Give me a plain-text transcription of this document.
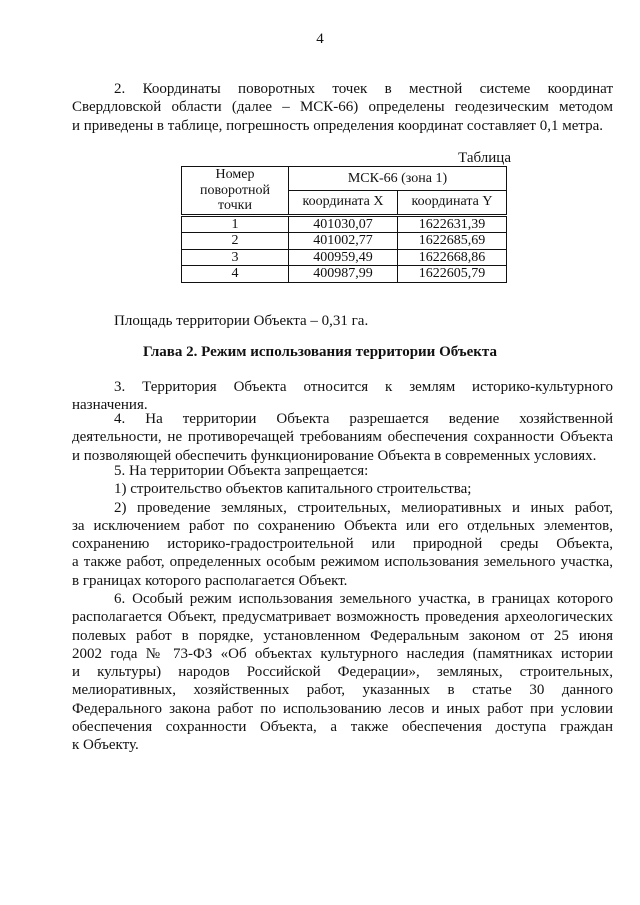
4
2. Координаты поворотных точек в местной системе координат
Свердловской области (далее – МСК-66) определены геодезическим методом
и приведены в таблице, погрешность определения координат составляет 0,1 метра.
Таблица
Номер поворотной точки	МСК-66 (зона 1)	
	координата X	координата Y
1	401030,07	1622631,39
2	401002,77	1622685,69
3	400959,49	1622668,86
4	400987,99	1622605,79
Площадь территории Объекта – 0,31 га.
Глава 2. Режим использования территории Объекта
3. Территория Объекта относится к землям историко-культурного
назначения.
4. На территории Объекта разрешается ведение хозяйственной
деятельности, не противоречащей требованиям обеспечения сохранности Объекта
и позволяющей обеспечить функционирование Объекта в современных условиях.
5. На территории Объекта запрещается:
1) строительство объектов капитального строительства;
2) проведение земляных, строительных, мелиоративных и иных работ,
за исключением работ по сохранению Объекта или его отдельных элементов,
сохранению историко-градостроительной или природной среды Объекта,
а также работ, определенных особым режимом использования земельного участка,
в границах которого располагается Объект.
6. Особый режим использования земельного участка, в границах которого
располагается Объект, предусматривает возможность проведения археологических
полевых работ в порядке, установленном Федеральным законом от 25 июня
2002 года № 73-ФЗ «Об объектах культурного наследия (памятниках истории
и культуры) народов Российской Федерации», земляных, строительных,
мелиоративных, хозяйственных работ, указанных в статье 30 данного
Федерального закона работ по использованию лесов и иных работ при условии
обеспечения сохранности Объекта, а также обеспечения доступа граждан
к Объекту.
